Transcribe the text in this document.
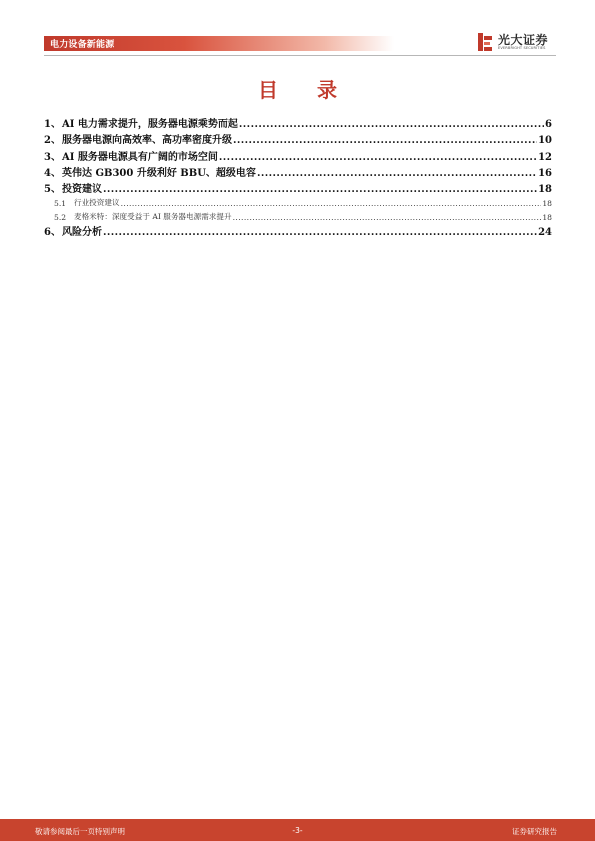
电力设备新能源	光大证券
EVERBRIGHT SECURITIES
目 录
1、 AI 电力需求提升，服务器电源乘势而起 .....	6
2、 服务器电源向高效率、高功率密度升级 .....	10
3、 AI 服务器电源具有广阔的市场空间 .....	12
4、 英伟达 GB300 升级利好 BBU、超级电容 .....	16
5、 投资建议 .....	18
5.1	行业投资建议 .....	18
5.2	麦格米特：深度受益于 AI 服务器电源需求提升 .....	18
6、 风险分析 .....	24
敬请参阅最后一页特别声明	-3-	证券研究报告
